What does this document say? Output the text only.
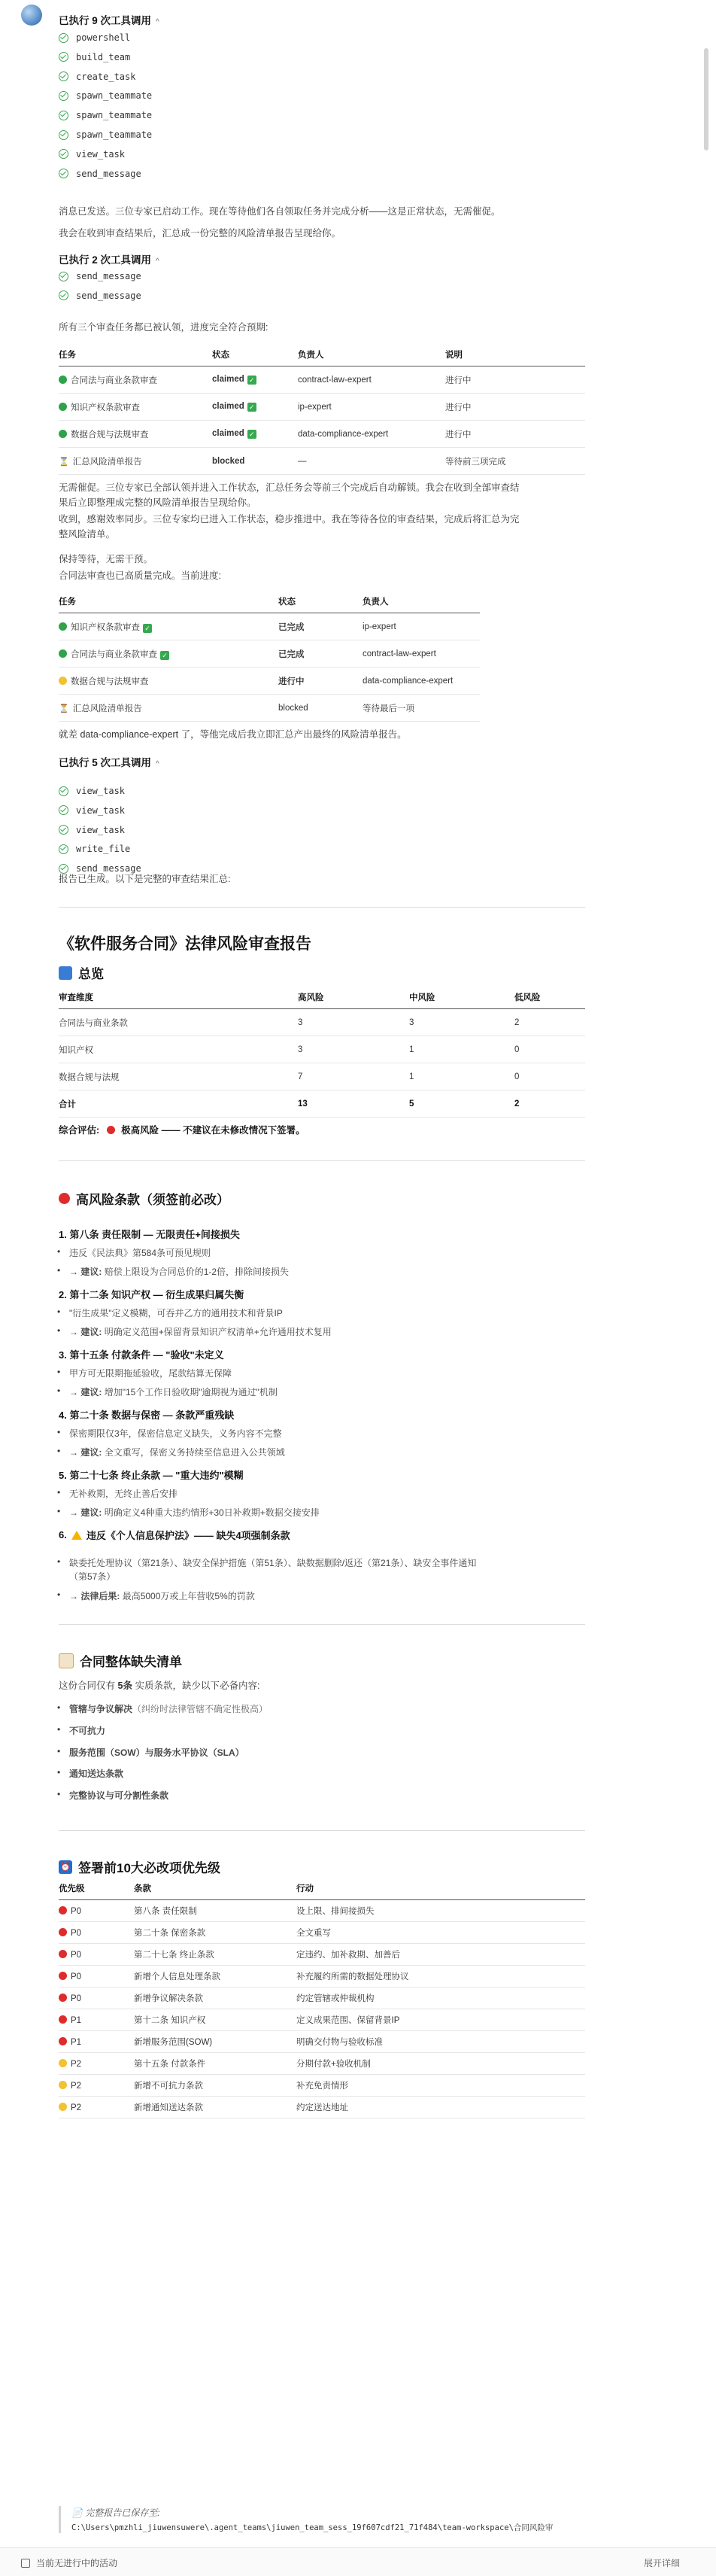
已执行 9 次工具调用 ^
powershell
build_team
create_task
spawn_teammate
spawn_teammate
spawn_teammate
view_task
send_message
消息已发送。三位专家已启动工作。现在等待他们各自领取任务并完成分析——这是正常状态，无需催促。
我会在收到审查结果后，汇总成一份完整的风险清单报告呈现给你。
已执行 2 次工具调用 ^
send_message
send_message
所有三个审查任务都已被认领，进度完全符合预期:
任务	状态	负责人	说明
合同法与商业条款审查	claimed ✓	contract-law-expert	进行中
知识产权条款审查	claimed ✓	ip-expert	进行中
数据合规与法规审查	claimed ✓	data-compliance-expert	进行中
⏳ 汇总风险清单报告	blocked	—	等待前三项完成
无需催促。三位专家已全部认领并进入工作状态，汇总任务会等前三个完成后自动解锁。我会在收到全部审查结
果后立即整理成完整的风险清单报告呈现给你。
收到，感谢效率同步。三位专家均已进入工作状态，稳步推进中。我在等待各位的审查结果，完成后将汇总为完
整风险清单。
保持等待，无需干预。
合同法审查也已高质量完成。当前进度:
任务	状态	负责人
知识产权条款审查 ✓	已完成	ip-expert
合同法与商业条款审查 ✓	已完成	contract-law-expert
数据合规与法规审查	进行中	data-compliance-expert
⏳ 汇总风险清单报告	blocked	等待最后一项
就差 data-compliance-expert 了，等他完成后我立即汇总产出最终的风险清单报告。
已执行 5 次工具调用 ^
view_task
view_task
view_task
write_file
send_message
报告已生成。以下是完整的审查结果汇总:
《软件服务合同》法律风险审查报告
总览
审查维度	高风险	中风险	低风险
合同法与商业条款	3	3	2
知识产权	3	1	0
数据合规与法规	7	1	0
合计	13	5	2
综合评估: 极高风险 —— 不建议在未修改情况下签署。
高风险条款（须签前必改）
1. 第八条 责任限制 — 无限责任+间接损失
• 违反《民法典》第584条可预见规则
• → 建议: 赔偿上限设为合同总价的1-2倍，排除间接损失
2. 第十二条 知识产权 — 衍生成果归属失衡
• "衍生成果"定义模糊，可吞并乙方的通用技术和背景IP
• → 建议: 明确定义范围+保留背景知识产权清单+允许通用技术复用
3. 第十五条 付款条件 — "验收"未定义
• 甲方可无限期拖延验收，尾款结算无保障
• → 建议: 增加"15个工作日验收期"逾期视为通过"机制
4. 第二十条 数据与保密 — 条款严重残缺
• 保密期限仅3年，保密信息定义缺失，义务内容不完整
• → 建议: 全文重写，保密义务持续至信息进入公共领域
5. 第二十七条 终止条款 — "重大违约"模糊
• 无补救期，无终止善后安排
• → 建议: 明确定义4种重大违约情形+30日补救期+数据交接安排
6. 违反《个人信息保护法》—— 缺失4项强制条款
• 缺委托处理协议（第21条）、缺安全保护措施（第51条）、缺数据删除/返还（第21条）、缺安全事件通知
（第57条）
• → 法律后果: 最高5000万或上年营收5%的罚款
合同整体缺失清单
这份合同仅有 5条 实质条款，缺少以下必备内容:
• 管辖与争议解决（纠纷时法律管辖不确定性极高）
• 不可抗力
• 服务范围（SOW）与服务水平协议（SLA）
• 通知送达条款
• 完整协议与可分割性条款
⏰ 签署前10大必改项优先级
优先级	条款	行动
P0	第八条 责任限制	设上限、排间接损失
P0	第二十条 保密条款	全文重写
P0	第二十七条 终止条款	定违约、加补救期、加善后
P0	新增个人信息处理条款	补充履约所需的数据处理协议
P0	新增争议解决条款	约定管辖或仲裁机构
P1	第十二条 知识产权	定义成果范围、保留背景IP
P1	新增服务范围(SOW)	明确交付物与验收标准
P2	第十五条 付款条件	分期付款+验收机制
P2	新增不可抗力条款	补充免责情形
P2	新增通知送达条款	约定送达地址
📄 完整报告已保存至:
C:\Users\pmzhli_jiuwensuwere\.agent_teams\jiuwen_team_sess_19f607cdf21_71f484\team-workspace\合同风险审
当前无进行中的活动	展开详细
